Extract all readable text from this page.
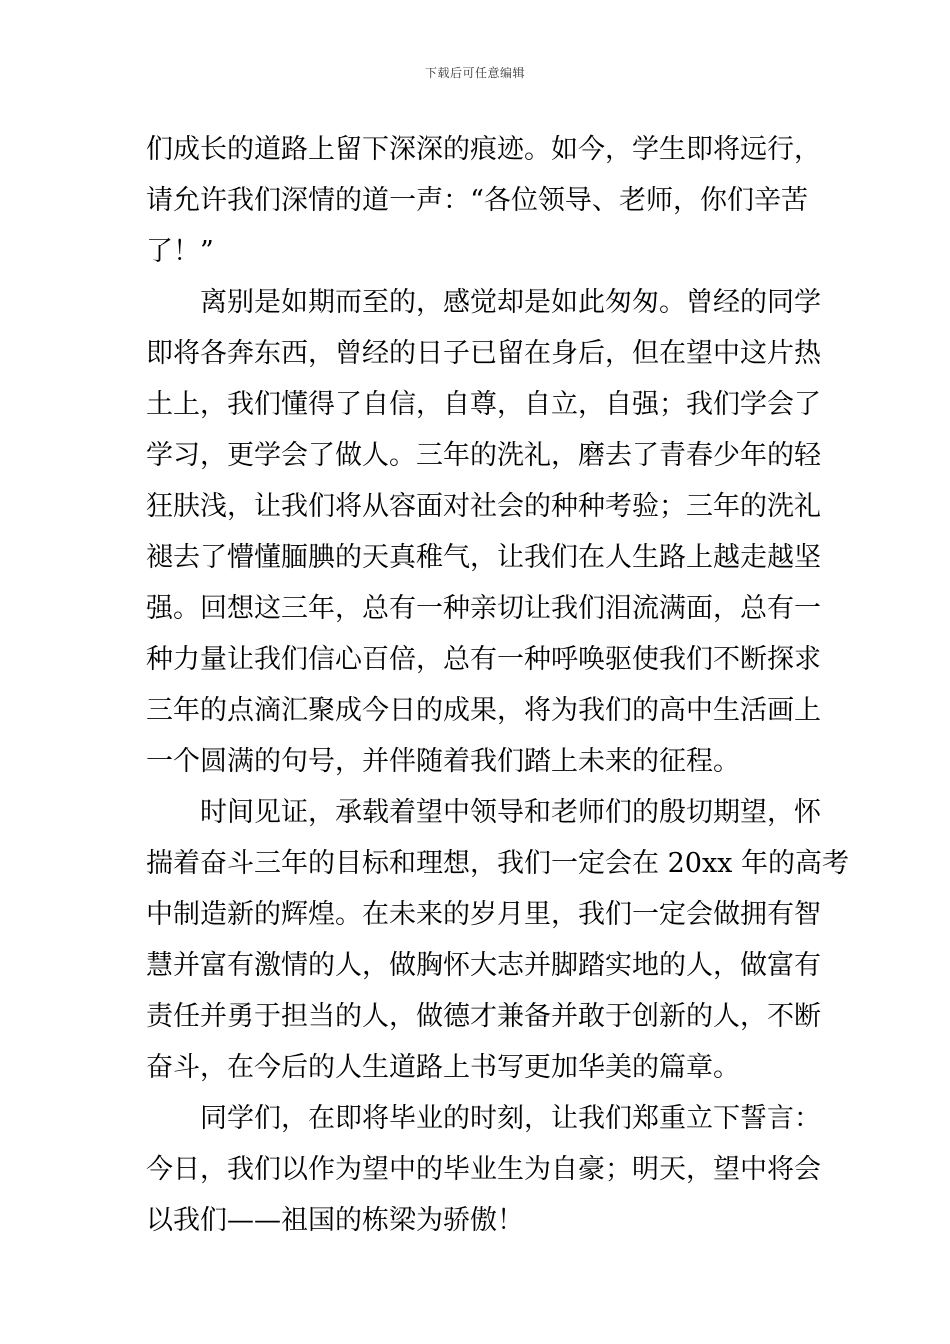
下载后可任意编辑
们成长的道路上留下深深的痕迹。如今，学生即将远行，
请允许我们深情的道一声：“各位领导、老师，你们辛苦
了！”
离别是如期而至的，感觉却是如此匆匆。曾经的同学
即将各奔东西，曾经的日子已留在身后，但在望中这片热
土上，我们懂得了自信，自尊，自立，自强；我们学会了
学习，更学会了做人。三年的洗礼，磨去了青春少年的轻
狂肤浅，让我们将从容面对社会的种种考验；三年的洗礼
褪去了懵懂腼腆的天真稚气，让我们在人生路上越走越坚
强。回想这三年，总有一种亲切让我们泪流满面，总有一
种力量让我们信心百倍，总有一种呼唤驱使我们不断探求
三年的点滴汇聚成今日的成果，将为我们的高中生活画上
一个圆满的句号，并伴随着我们踏上未来的征程。
时间见证，承载着望中领导和老师们的殷切期望，怀
揣着奋斗三年的目标和理想，我们一定会在 20xx 年的高考
中制造新的辉煌。在未来的岁月里，我们一定会做拥有智
慧并富有激情的人，做胸怀大志并脚踏实地的人，做富有
责任并勇于担当的人，做德才兼备并敢于创新的人，不断
奋斗，在今后的人生道路上书写更加华美的篇章。
同学们，在即将毕业的时刻，让我们郑重立下誓言：
今日，我们以作为望中的毕业生为自豪；明天，望中将会
以我们——祖国的栋梁为骄傲！
